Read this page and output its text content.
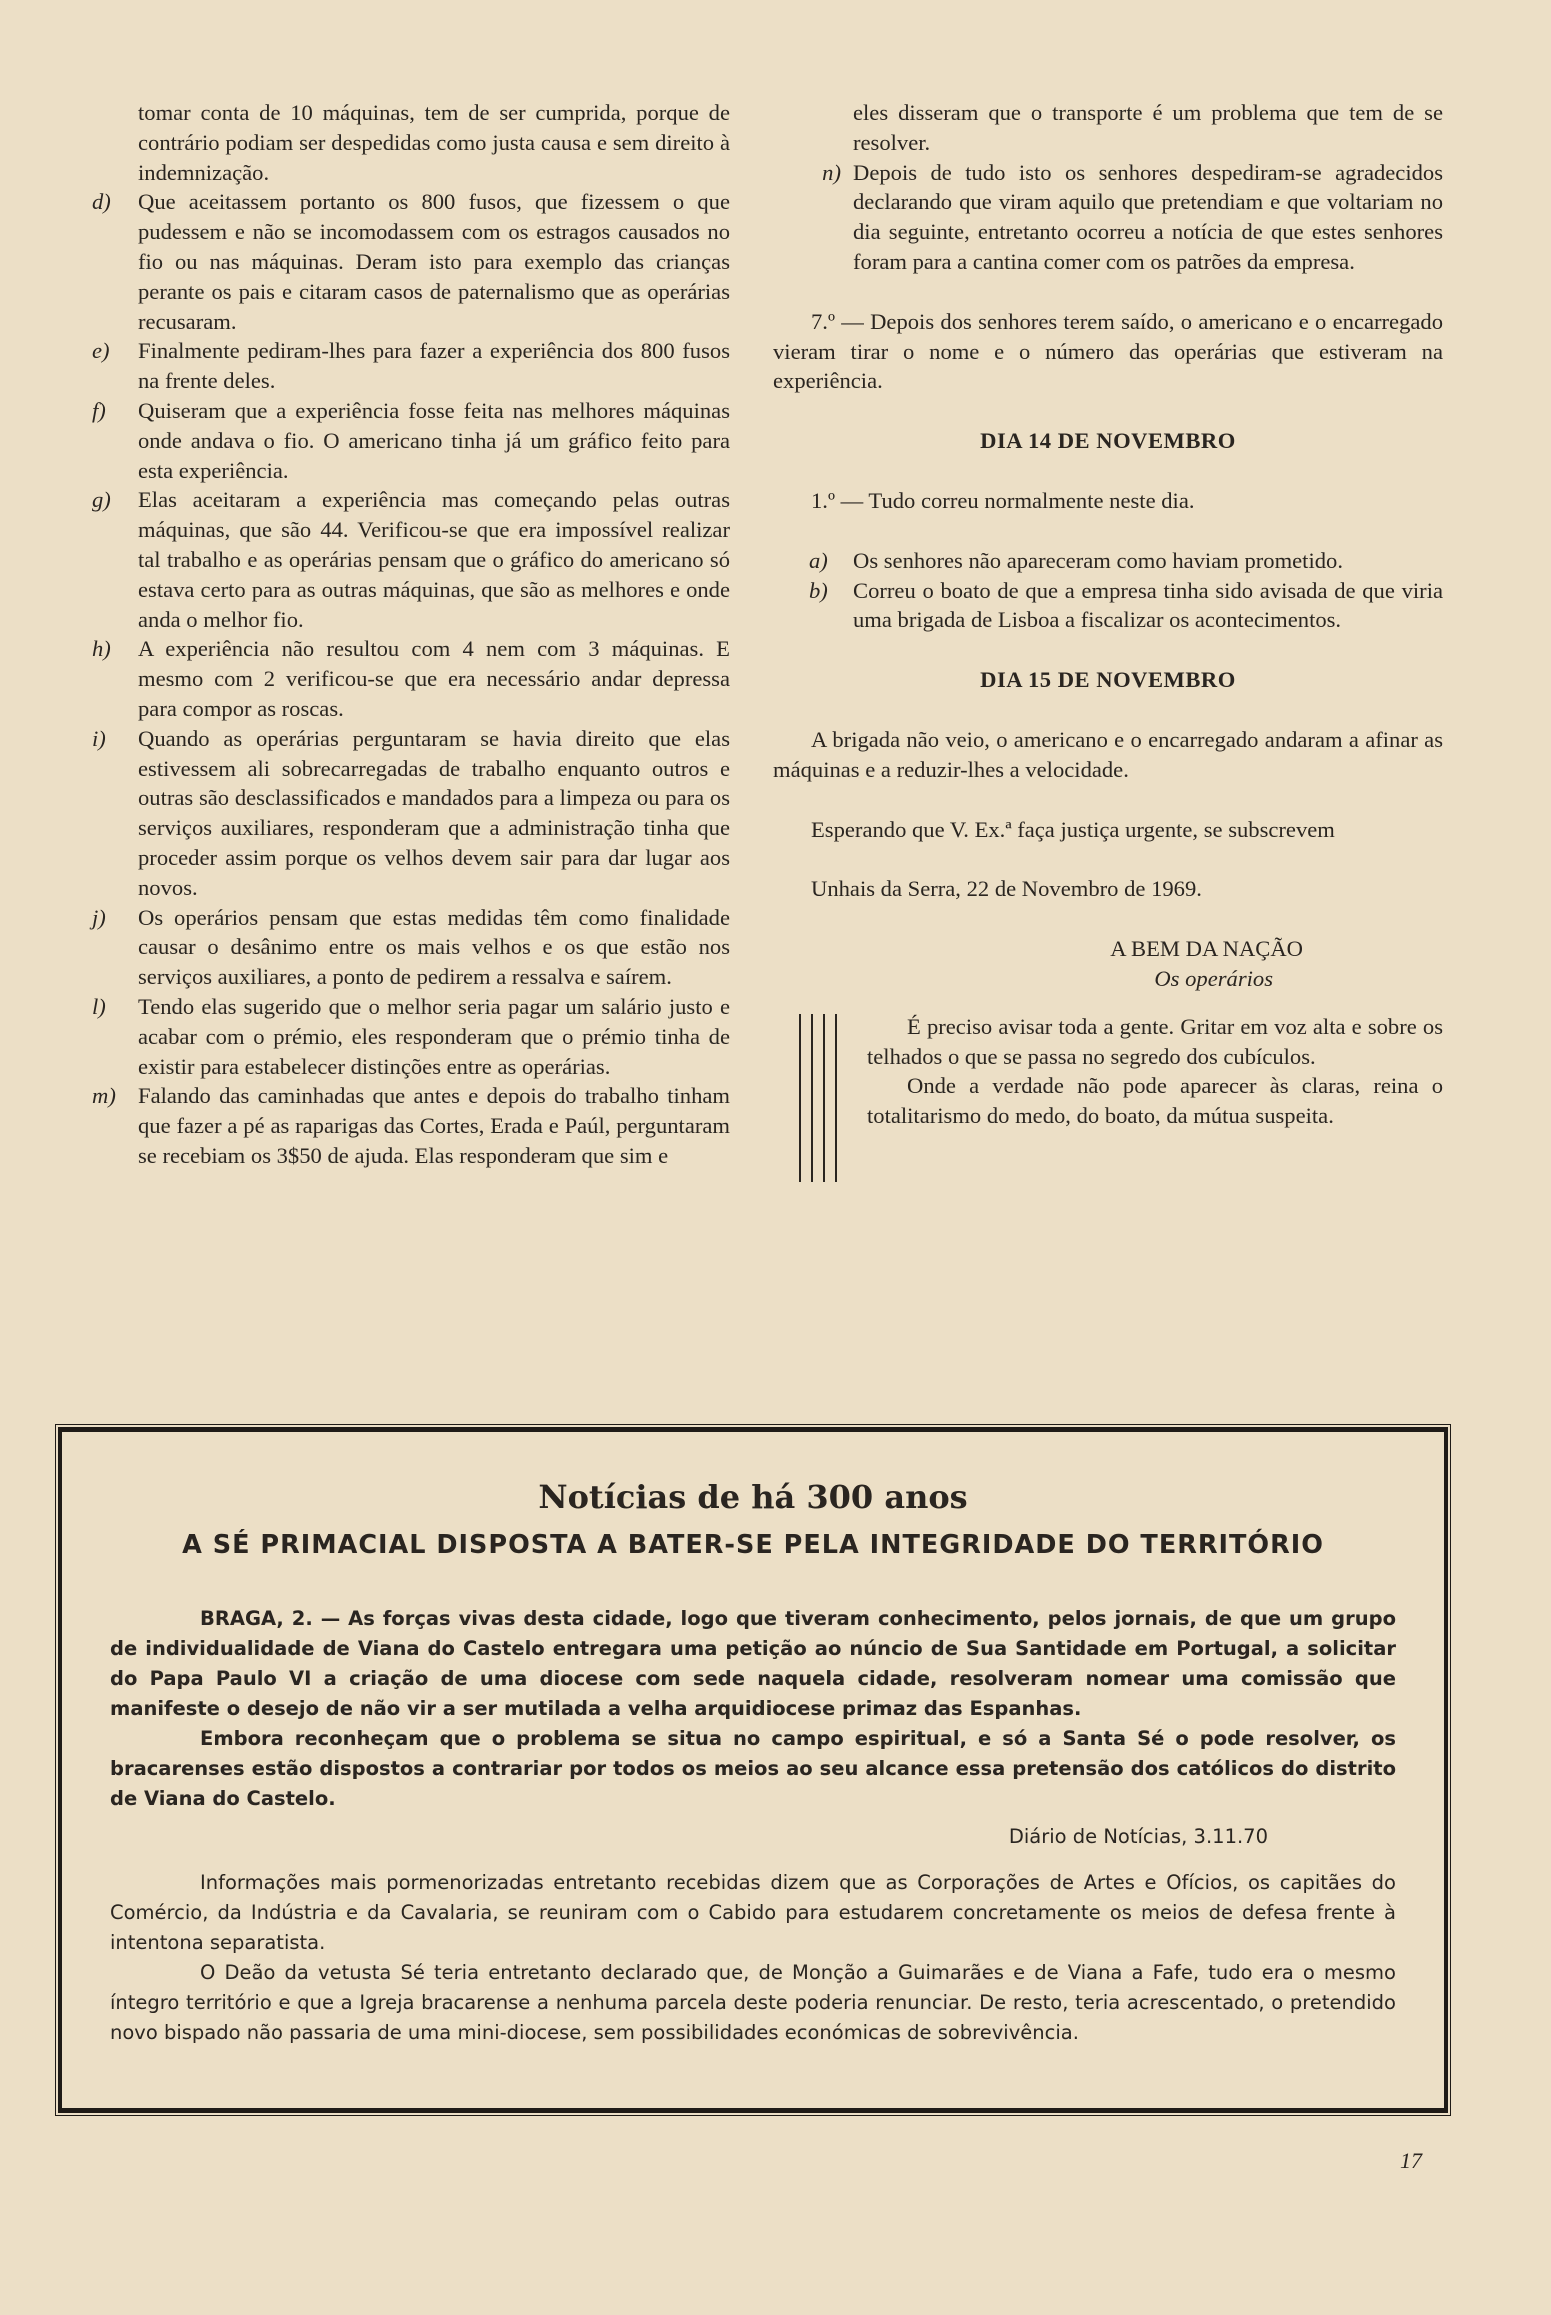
tomar conta de 10 máquinas, tem de ser cumprida, porque de contrário podiam ser despedidas como justa causa e sem direito à indemnização.

d)	Que aceitassem portanto os 800 fusos, que fizessem o que pudessem e não se incomodassem com os estragos causados no fio ou nas máquinas. Deram isto para exemplo das crianças perante os pais e citaram casos de paternalismo que as operárias recusaram.
e)	Finalmente pediram-lhes para fazer a experiência dos 800 fusos na frente deles.
f)	Quiseram que a experiência fosse feita nas melhores máquinas onde andava o fio. O americano tinha já um gráfico feito para esta experiência.
g)	Elas aceitaram a experiência mas começando pelas outras máquinas, que são 44. Verificou-se que era impossível realizar tal trabalho e as operárias pensam que o gráfico do americano só estava certo para as outras máquinas, que são as melhores e onde anda o melhor fio.
h)	A experiência não resultou com 4 nem com 3 máquinas. E mesmo com 2 verificou-se que era necessário andar depressa para compor as roscas.
i)	Quando as operárias perguntaram se havia direito que elas estivessem ali sobrecarregadas de trabalho enquanto outros e outras são desclassificados e mandados para a limpeza ou para os serviços auxiliares, responderam que a administração tinha que proceder assim porque os velhos devem sair para dar lugar aos novos.
j)	Os operários pensam que estas medidas têm como finalidade causar o desânimo entre os mais velhos e os que estão nos serviços auxiliares, a ponto de pedirem a ressalva e saírem.
l)	Tendo elas sugerido que o melhor seria pagar um salário justo e acabar com o prémio, eles responderam que o prémio tinha de existir para estabelecer distinções entre as operárias.
m) Falando das caminhadas que antes e depois do trabalho tinham que fazer a pé as raparigas das Cortes, Erada e Paúl, perguntaram se recebiam os 3$50 de ajuda. Elas responderam que sim e

eles disseram que o transporte é um problema que tem de se resolver.

n) Depois de tudo isto os senhores despediram-se agradecidos declarando que viram aquilo que pretendiam e que voltariam no dia seguinte, entretanto ocorreu a notícia de que estes senhores foram para a cantina comer com os patrões da empresa.

7.º — Depois dos senhores terem saído, o americano e o encarregado vieram tirar o nome e o número das operárias que estiveram na experiência.

DIA 14 DE NOVEMBRO

1.º — Tudo correu normalmente neste dia.

a)	Os senhores não apareceram como haviam prometido.
b)	Correu o boato de que a empresa tinha sido avisada de que viria uma brigada de Lisboa a fiscalizar os acontecimentos.

DIA 15 DE NOVEMBRO

A brigada não veio, o americano e o encarregado andaram a afinar as máquinas e a reduzir-lhes a velocidade.

Esperando que V. Ex.ª faça justiça urgente, se subscrevem

Unhais da Serra, 22 de Novembro de 1969.

A BEM DA NAÇÃO

Os operários

É preciso avisar toda a gente. Gritar em voz alta e sobre os telhados o que se passa no segredo dos cubículos.

Onde a verdade não pode aparecer às claras, reina o totalitarismo do medo, do boato, da mútua suspeita.

Notícias de há 300 anos
A SÉ PRIMACIAL DISPOSTA A BATER-SE PELA INTEGRIDADE DO TERRITÓRIO

BRAGA, 2. — As forças vivas desta cidade, logo que tiveram conhecimento, pelos jornais, de que um grupo de individualidade de Viana do Castelo entregara uma petição ao núncio de Sua Santidade em Portugal, a solicitar do Papa Paulo VI a criação de uma diocese com sede naquela cidade, resolveram nomear uma comissão que manifeste o desejo de não vir a ser mutilada a velha arquidiocese primaz das Espanhas.

Embora reconheçam que o problema se situa no campo espiritual, e só a Santa Sé o pode resolver, os bracarenses estão dispostos a contrariar por todos os meios ao seu alcance essa pretensão dos católicos do distrito de Viana do Castelo.

Diário de Notícias, 3.11.70

Informações mais pormenorizadas entretanto recebidas dizem que as Corporações de Artes e Ofícios, os capitães do Comércio, da Indústria e da Cavalaria, se reuniram com o Cabido para estudarem concretamente os meios de defesa frente à intentona separatista.

O Deão da vetusta Sé teria entretanto declarado que, de Monção a Guimarães e de Viana a Fafe, tudo era o mesmo íntegro território e que a Igreja bracarense a nenhuma parcela deste poderia renunciar. De resto, teria acrescentado, o pretendido novo bispado não passaria de uma mini-diocese, sem possibilidades económicas de sobrevivência.

17
